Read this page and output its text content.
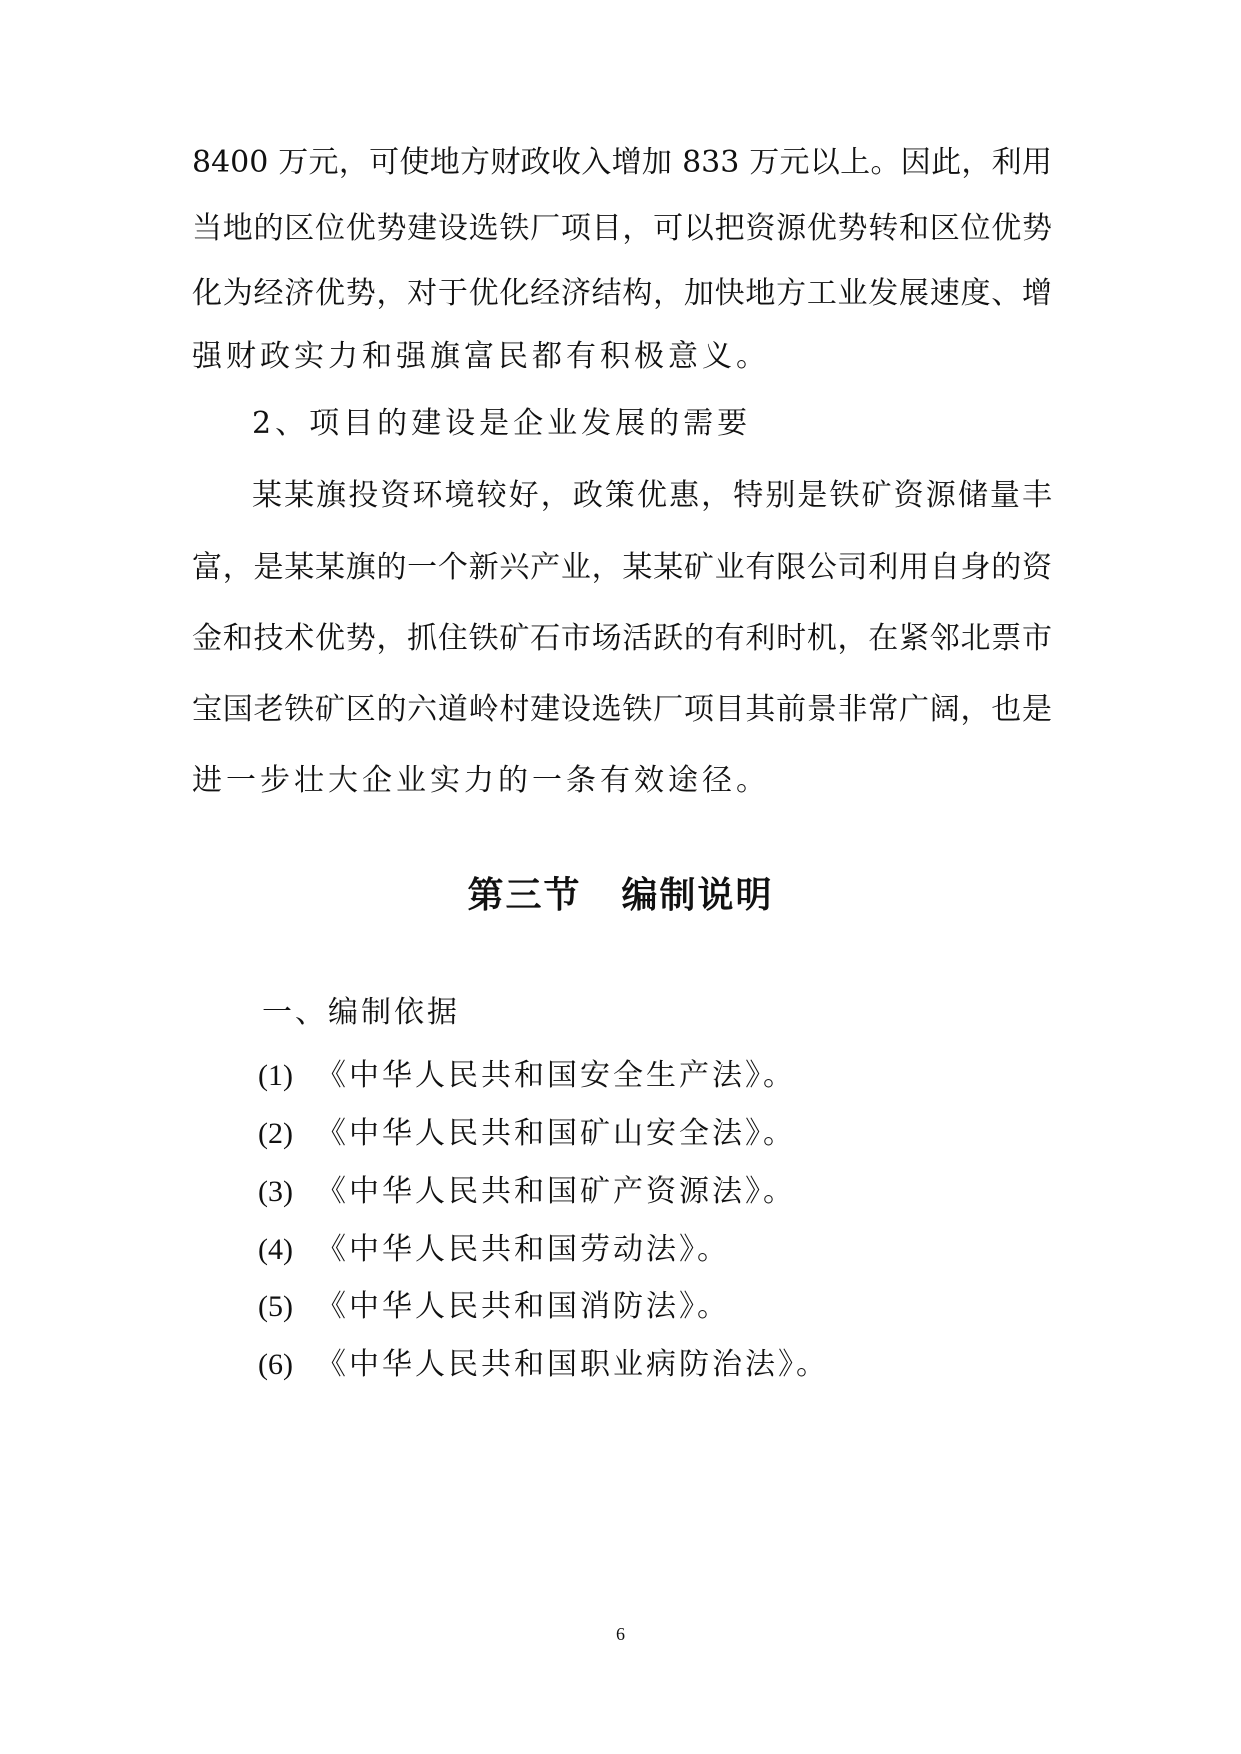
8400 万元，可使地方财政收入增加 833 万元以上。因此，利用
当地的区位优势建设选铁厂项目，可以把资源优势转和区位优势
化为经济优势，对于优化经济结构，加快地方工业发展速度、增
强财政实力和强旗富民都有积极意义。
2、项目的建设是企业发展的需要
某某旗投资环境较好，政策优惠，特别是铁矿资源储量丰
富，是某某旗的一个新兴产业，某某矿业有限公司利用自身的资
金和技术优势，抓住铁矿石市场活跃的有利时机，在紧邻北票市
宝国老铁矿区的六道岭村建设选铁厂项目其前景非常广阔，也是
进一步壮大企业实力的一条有效途径。
第三节 编制说明
一、编制依据
(1) 《中华人民共和国安全生产法》。
(2) 《中华人民共和国矿山安全法》。
(3) 《中华人民共和国矿产资源法》。
(4) 《中华人民共和国劳动法》。
(5) 《中华人民共和国消防法》。
(6) 《中华人民共和国职业病防治法》。
6
